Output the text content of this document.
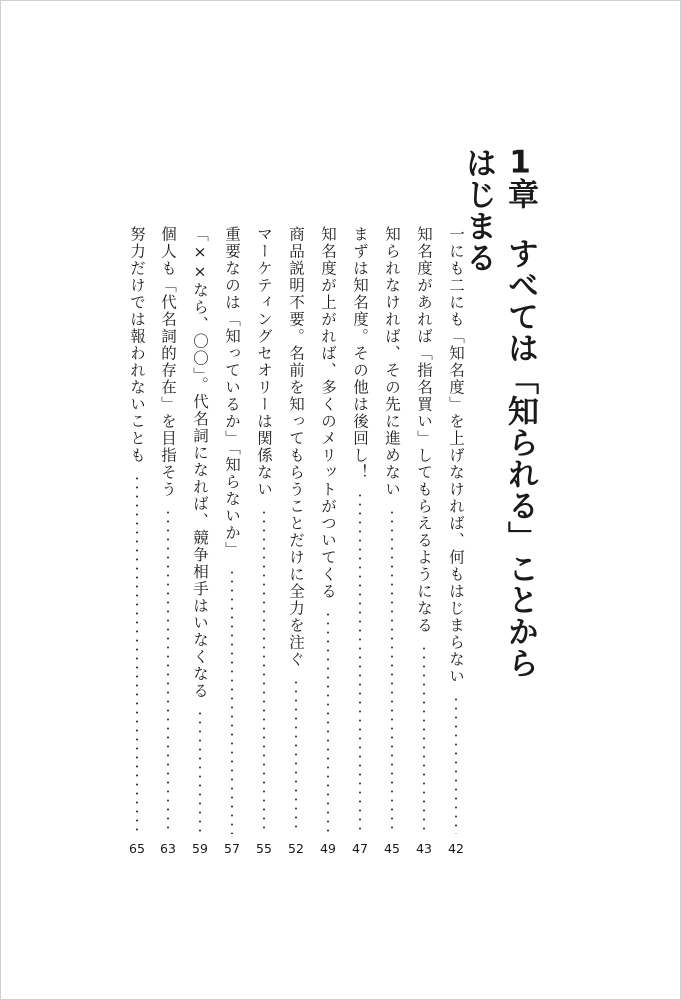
1章すべては「知られる」ことからはじまる
一にも二にも「知名度」を上げなければ、何もはじまらない
42
知名度があれば「指名買い」してもらえるようになる
43
知られなければ、その先に進めない
45
まずは知名度。その他は後回し！
47
知名度が上がれば、多くのメリットがついてくる
49
商品説明不要。名前を知ってもらうことだけに全力を注ぐ
52
マーケティングセオリーは関係ない
55
重要なのは「知っているか」「知らないか」
57
「××なら、〇〇」。代名詞になれば、競争相手はいなくなる
59
個人も「代名詞的存在」を目指そう
63
努力だけでは報われないことも
65
